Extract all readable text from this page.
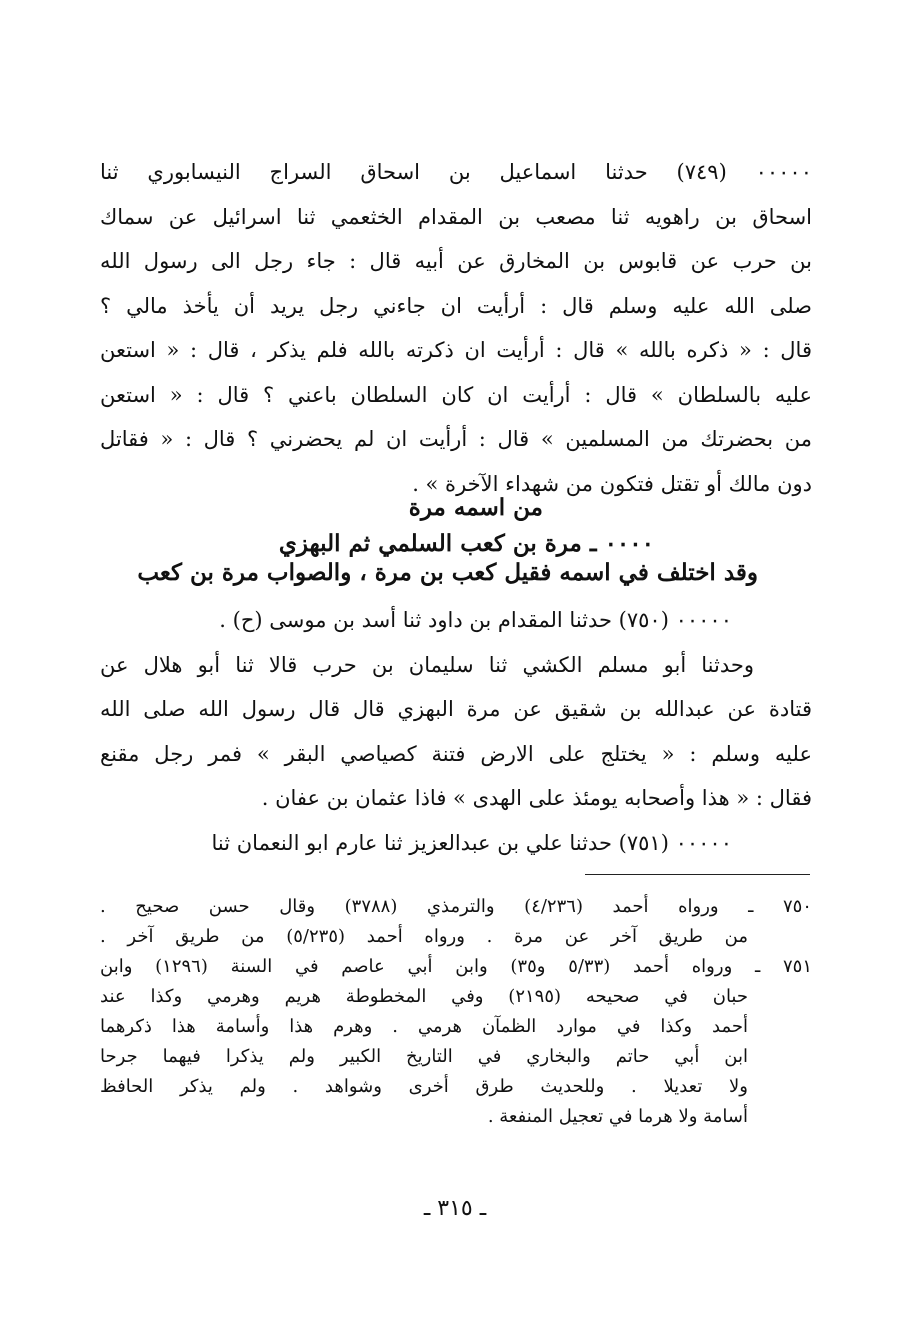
٠٠٠٠٠ (٧٤٩) حدثنا اسماعيل بن اسحاق السراج النيسابوري ثنا
اسحاق بن راهويه ثنا مصعب بن المقدام الخثعمي ثنا اسرائيل عن سماك
بن حرب عن قابوس بن المخارق عن أبيه قال : جاء رجل الى رسول الله
صلى الله عليه وسلم قال : أرأيت ان جاءني رجل يريد أن يأخذ مالي ؟
قال : « ذكره بالله » قال : أرأيت ان ذكرته بالله فلم يذكر ، قال : « استعن
عليه بالسلطان » قال : أرأيت ان كان السلطان باعني ؟ قال : « استعن
من بحضرتك من المسلمين » قال : أرأيت ان لم يحضرني ؟ قال : « فقاتل
دون مالك أو تقتل فتكون من شهداء الآخرة » .
من اسمه مرة
٠٠٠٠ ـ مرة بن كعب السلمي ثم البهزي
وقد اختلف في اسمه فقيل كعب بن مرة ، والصواب مرة بن كعب
٠٠٠٠٠ (٧٥٠) حدثنا المقدام بن داود ثنا أسد بن موسى (ح) .
وحدثنا أبو مسلم الكشي ثنا سليمان بن حرب قالا ثنا أبو هلال عن
قتادة عن عبدالله بن شقيق عن مرة البهزي قال قال رسول الله صلى الله
عليه وسلم : « يختلج على الارض فتنة كصياصي البقر » فمر رجل مقنع
فقال : « هذا وأصحابه يومئذ على الهدى » فاذا عثمان بن عفان .
٠٠٠٠٠ (٧٥١) حدثنا علي بن عبدالعزيز ثنا عارم ابو النعمان ثنا
٧٥٠ ـ ورواه أحمد (٤/٢٣٦) والترمذي (٣٧٨٨) وقال حسن صحيح .
من طريق آخر عن مرة . ورواه أحمد (٥/٢٣٥) من طريق آخر .
٧٥١ ـ ورواه أحمد (٥/٣٣ و٣٥) وابن أبي عاصم في السنة (١٢٩٦) وابن
حبان في صحيحه (٢١٩٥) وفي المخطوطة هريم وهرمي وكذا عند
أحمد وكذا في موارد الظمآن هرمي . وهرم هذا وأسامة هذا ذكرهما
ابن أبي حاتم والبخاري في التاريخ الكبير ولم يذكرا فيهما جرحا
ولا تعديلا . وللحديث طرق أخرى وشواهد . ولم يذكر الحافظ
أسامة ولا هرما في تعجيل المنفعة .
ـ ٣١٥ ـ
